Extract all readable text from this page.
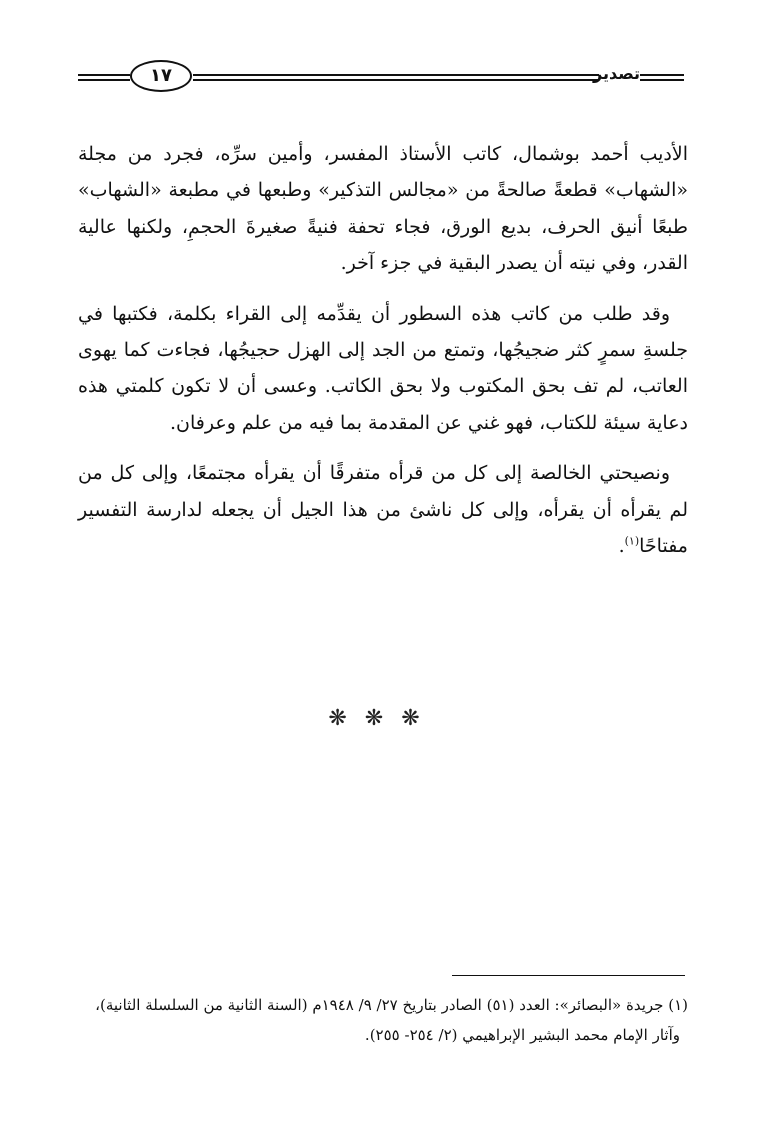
١٧	تصدير

الأديب أحمد بوشمال، كاتب الأستاذ المفسر، وأمين سرِّه، فجرد من مجلة «الشهاب» قطعةً صالحةً من «مجالس التذكير» وطبعها في مطبعة «الشهاب» طبعًا أنيق الحرف، بديع الورق، فجاء تحفة فنيةً صغيرةَ الحجمِ، ولكنها عالية القدر، وفي نيته أن يصدر البقية في جزء آخر.

وقد طلب من كاتب هذه السطور أن يقدِّمه إلى القراء بكلمة، فكتبها في جلسةِ سمرٍ كثر ضجيجُها، وتمتع من الجد إلى الهزل حجيجُها، فجاءت كما يهوى العاتب، لم تف بحق المكتوب ولا بحق الكاتب. وعسى أن لا تكون كلمتي هذه دعاية سيئة للكتاب، فهو غني عن المقدمة بما فيه من علم وعرفان.

ونصيحتي الخالصة إلى كل من قرأه متفرقًا أن يقرأه مجتمعًا، وإلى كل من لم يقرأه أن يقرأه، وإلى كل ناشئ من هذا الجيل أن يجعله لدارسة التفسير مفتاحًا$^{(١)}$.

❋❋❋

(١) جريدة «البصائر»: العدد (٥١) الصادر بتاريخ ٢٧/ ٩/ ١٩٤٨م (السنة الثانية من السلسلة الثانية)،

وآثار الإمام محمد البشير الإبراهيمي (٢/ ٢٥٤- ٢٥٥).
